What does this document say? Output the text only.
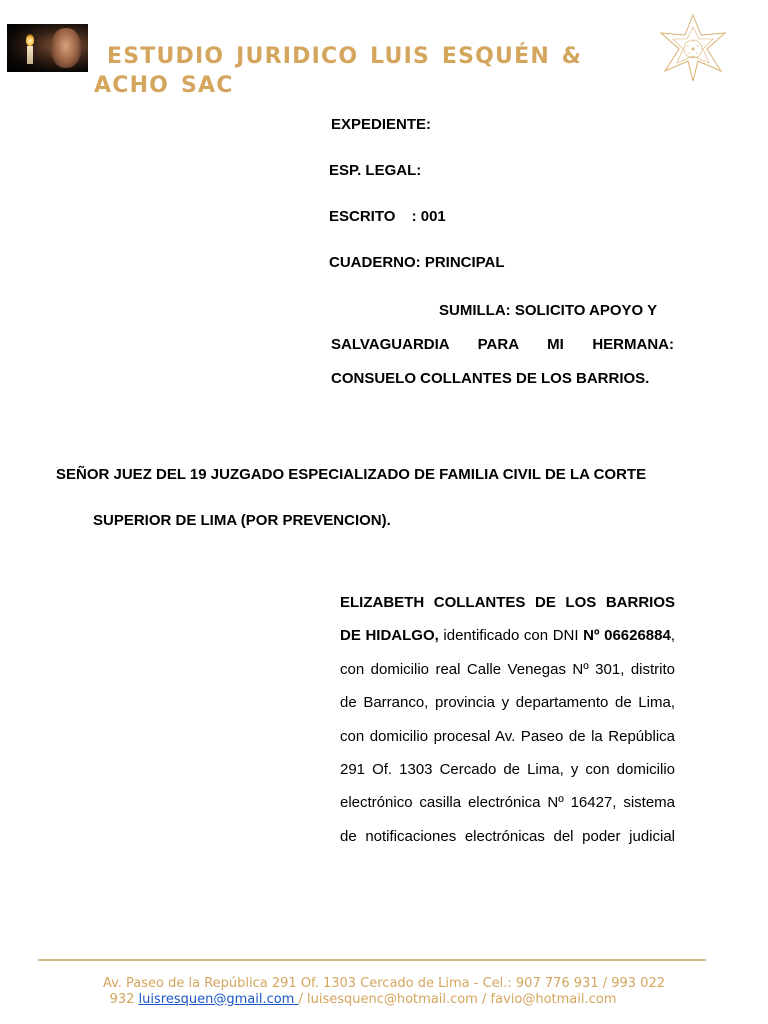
ESTUDIO JURIDICO LUIS ESQUÉN & ACHO SAC
EXPEDIENTE:
ESP. LEGAL:
ESCRITO : 001
CUADERNO: PRINCIPAL
SUMILLA: SOLICITO APOYO Y
SALVAGUARDIA PARA MI HERMANA: CONSUELO COLLANTES DE LOS BARRIOS.
SEÑOR JUEZ DEL 19 JUZGADO ESPECIALIZADO DE FAMILIA CIVIL DE LA CORTE
SUPERIOR DE LIMA (POR PREVENCION).
ELIZABETH COLLANTES DE LOS BARRIOS DE HIDALGO, identificado con DNI Nº 06626884, con domicilio real Calle Venegas Nº 301, distrito de Barranco, provincia y departamento de Lima, con domicilio procesal Av. Paseo de la República 291 Of. 1303 Cercado de Lima, y con domicilio electrónico casilla electrónica Nº 16427, sistema de notificaciones electrónicas del poder judicial
Av. Paseo de la República 291 Of. 1303 Cercado de Lima - Cel.: 907 776 931 / 993 022
932 luisresquen@gmail.com / luisesquenc@hotmail.com / favio@hotmail.com
